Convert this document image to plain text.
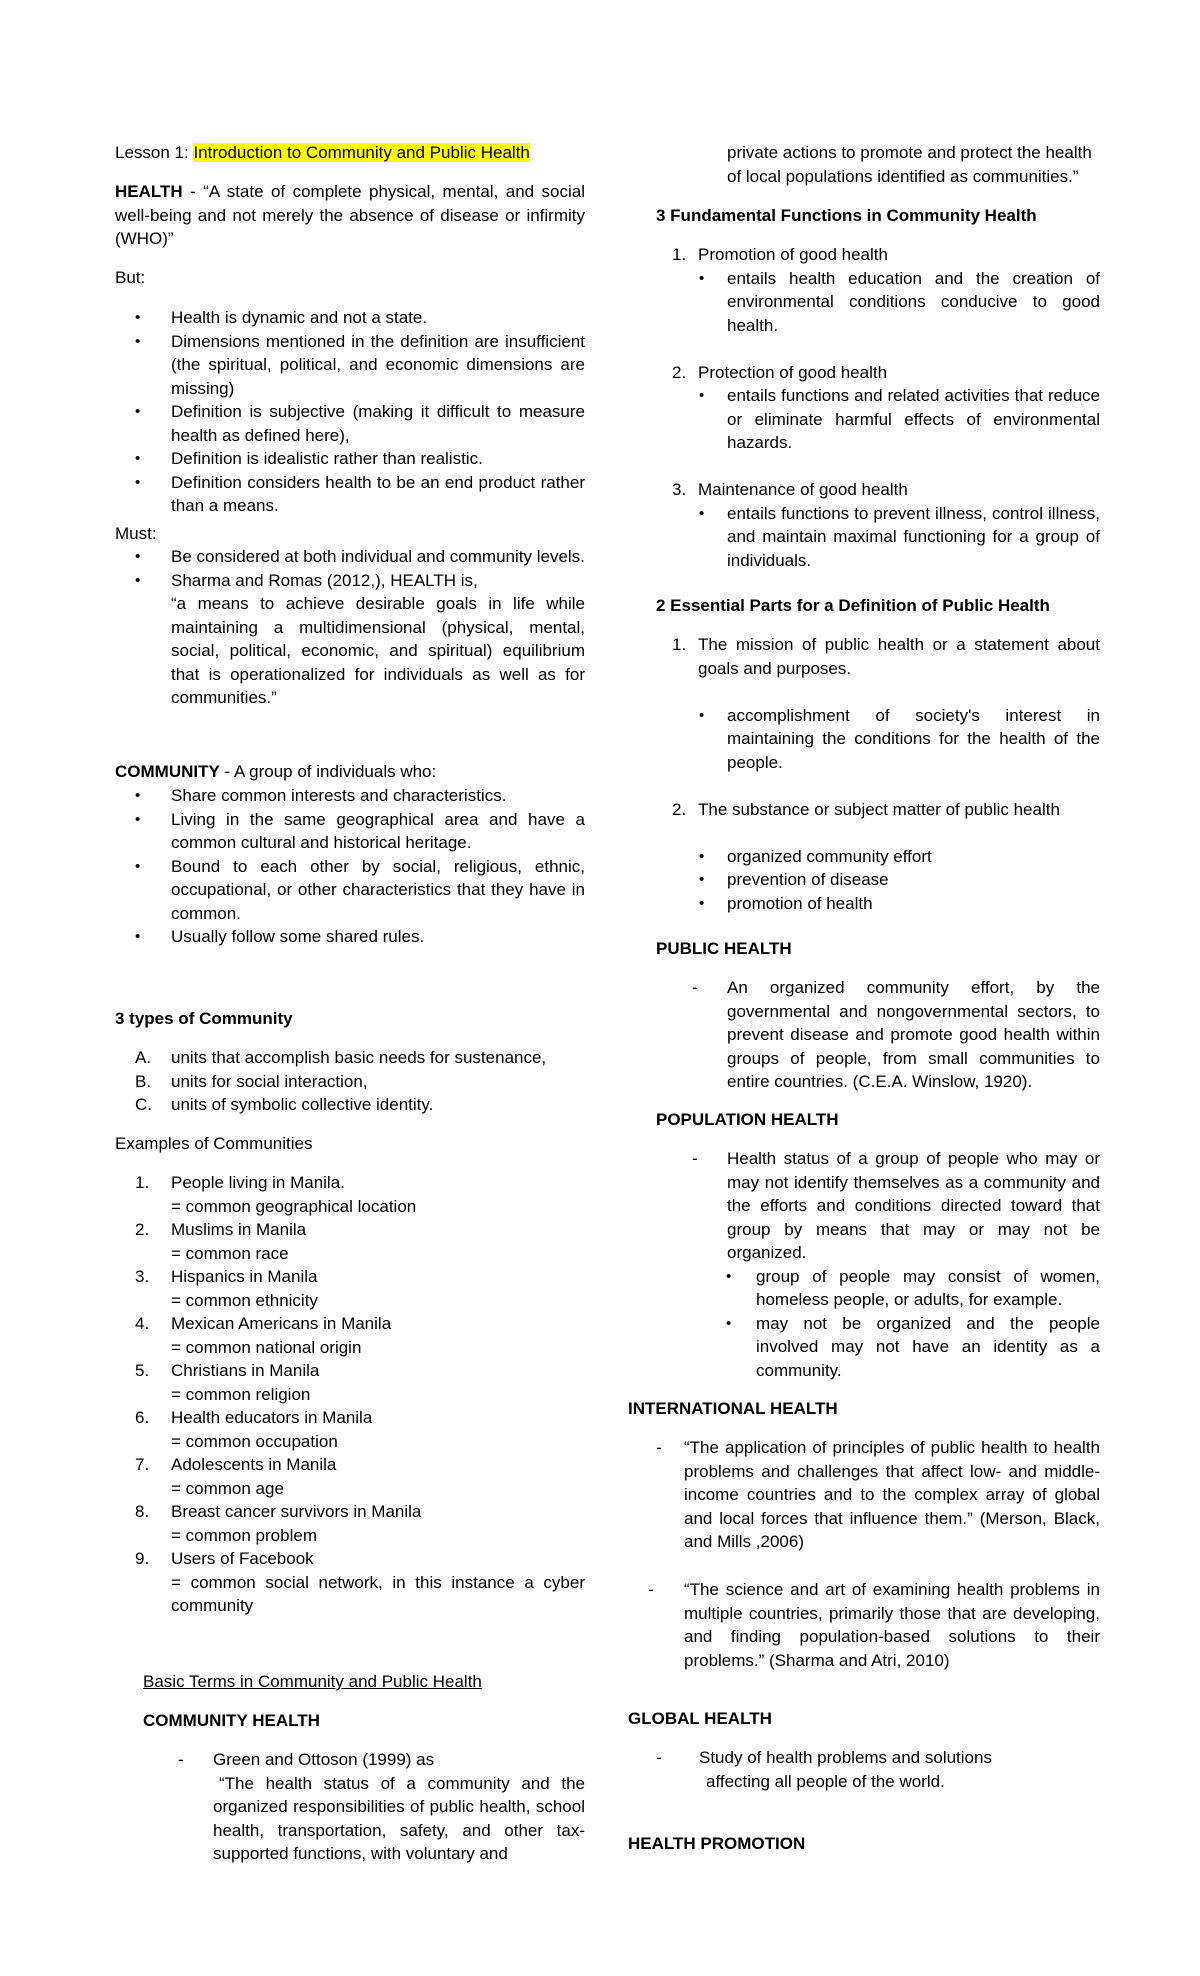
Lesson 1: Introduction to Community and Public Health

HEALTH - “A state of complete physical, mental, and social well-being and not merely the absence of disease or infirmity (WHO)”

But:

• Health is dynamic and not a state.
• Dimensions mentioned in the definition are insufficient (the spiritual, political, and economic dimensions are missing)
• Definition is subjective (making it difficult to measure health as defined here),
• Definition is idealistic rather than realistic.
• Definition considers health to be an end product rather than a means.

Must:

• Be considered at both individual and community levels.
• Sharma and Romas (2012,), HEALTH is,
“a means to achieve desirable goals in life while maintaining a multidimensional (physical, mental, social, political, economic, and spiritual) equilibrium that is operationalized for individuals as well as for communities.”

COMMUNITY - A group of individuals who:

• Share common interests and characteristics.
• Living in the same geographical area and have a common cultural and historical heritage.
• Bound to each other by social, religious, ethnic, occupational, or other characteristics that they have in common.
• Usually follow some shared rules.

3 types of Community

A. units that accomplish basic needs for sustenance,
B. units for social interaction,
C. units of symbolic collective identity.

Examples of Communities

1. People living in Manila.
= common geographical location
2. Muslims in Manila
= common race
3. Hispanics in Manila
= common ethnicity
4. Mexican Americans in Manila
= common national origin
5. Christians in Manila
= common religion
6. Health educators in Manila
= common occupation
7. Adolescents in Manila
= common age
8. Breast cancer survivors in Manila
= common problem
9. Users of Facebook
= common social network, in this instance a cyber community

Basic Terms in Community and Public Health

COMMUNITY HEALTH

-	Green and Ottoson (1999) as

“The health status of a community and the organized responsibilities of public health, school health, transportation, safety, and other tax-supported functions, with voluntary and

private actions to promote and protect the health of local populations identified as communities.”

3 Fundamental Functions in Community Health

1. Promotion of good health
• entails health education and the creation of environmental conditions conducive to good health.
2. Protection of good health
• entails functions and related activities that reduce or eliminate harmful effects of environmental hazards.
3. Maintenance of good health
• entails functions to prevent illness, control illness, and maintain maximal functioning for a group of individuals.

2 Essential Parts for a Definition of Public Health

1. The mission of public health or a statement about goals and purposes.
• accomplishment of society's interest in maintaining the conditions for the health of the people.
2. The substance or subject matter of public health
• organized community effort
• prevention of disease
• promotion of health

PUBLIC HEALTH

-	An organized community effort, by the governmental and nongovernmental sectors, to prevent disease and promote good health within groups of people, from small communities to entire countries. (C.E.A. Winslow, 1920).

POPULATION HEALTH

-	Health status of a group of people who may or may not identify themselves as a community and the efforts and conditions directed toward that group by means that may or may not be organized.

• group of people may consist of women, homeless people, or adults, for example.
• may not be organized and the people involved may not have an identity as a community.

INTERNATIONAL HEALTH

-	“The application of principles of public health to health problems and challenges that affect low- and middle-income countries and to the complex array of global and local forces that influence them.” (Merson, Black, and Mills ,2006)

-	“The science and art of examining health problems in multiple countries, primarily those that are developing, and finding population-based solutions to their problems.” (Sharma and Atri, 2010)

GLOBAL HEALTH

-	Study of health problems and solutions

affecting all people of the world.

HEALTH PROMOTION
